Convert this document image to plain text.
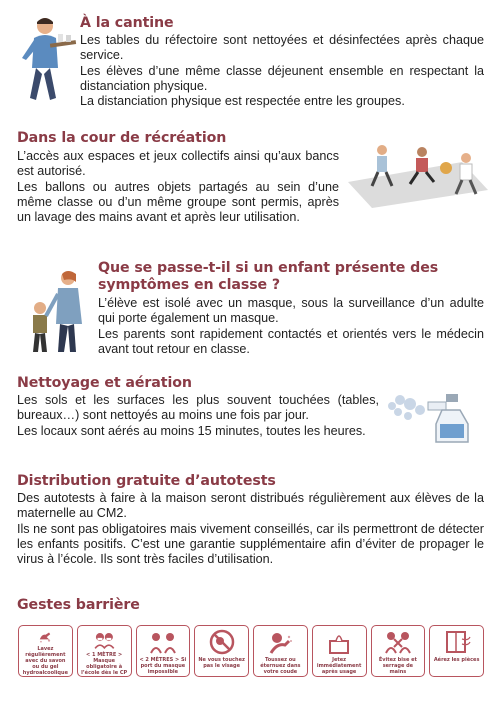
À la cantine

Les tables du réfectoire sont nettoyées et désinfectées après chaque service.

Les élèves d’une même classe déjeunent ensemble en respectant la distanciation physique.

La distanciation physique est respectée entre les groupes.

Dans la cour de récréation

L’accès aux espaces et jeux collectifs ainsi qu’aux bancs est autorisé.

Les ballons ou autres objets partagés au sein d’une même classe ou d’un même groupe sont permis, après un lavage des mains avant et après leur utilisation.

Que se passe-t-il si un enfant présente des
symptômes en classe ?

L’élève est isolé avec un masque, sous la surveillance d’un adulte qui porte également un masque.

Les parents sont rapidement contactés et orientés vers le médecin avant tout retour en classe.

Nettoyage et aération

Les sols et les surfaces les plus souvent touchées (tables, bureaux…) sont nettoyés au moins une fois par jour.

Les locaux sont aérés au moins 15 minutes, toutes les heures.

Distribution gratuite d’autotests

Des autotests à faire à la maison seront distribués régulièrement aux élèves de la maternelle au CM2.

Ils ne sont pas obligatoires mais vivement conseillés, car ils permettront de détecter les enfants positifs. C’est une garantie supplémentaire afin d’éviter de propager le virus à l’école. Ils sont très faciles d’utilisation.

Gestes barrière
Lavez régulièrement avec du savon ou du gel hydroalcoolique
< 1 MÈTRE > Masque obligatoire à l’école dès le CP
< 2 MÈTRES > Si port du masque impossible
Ne vous touchez pas le visage
Toussez ou éternuez dans votre coude
Jetez immédiatement après usage
Évitez bise et serrage de mains
Aérez les pièces
